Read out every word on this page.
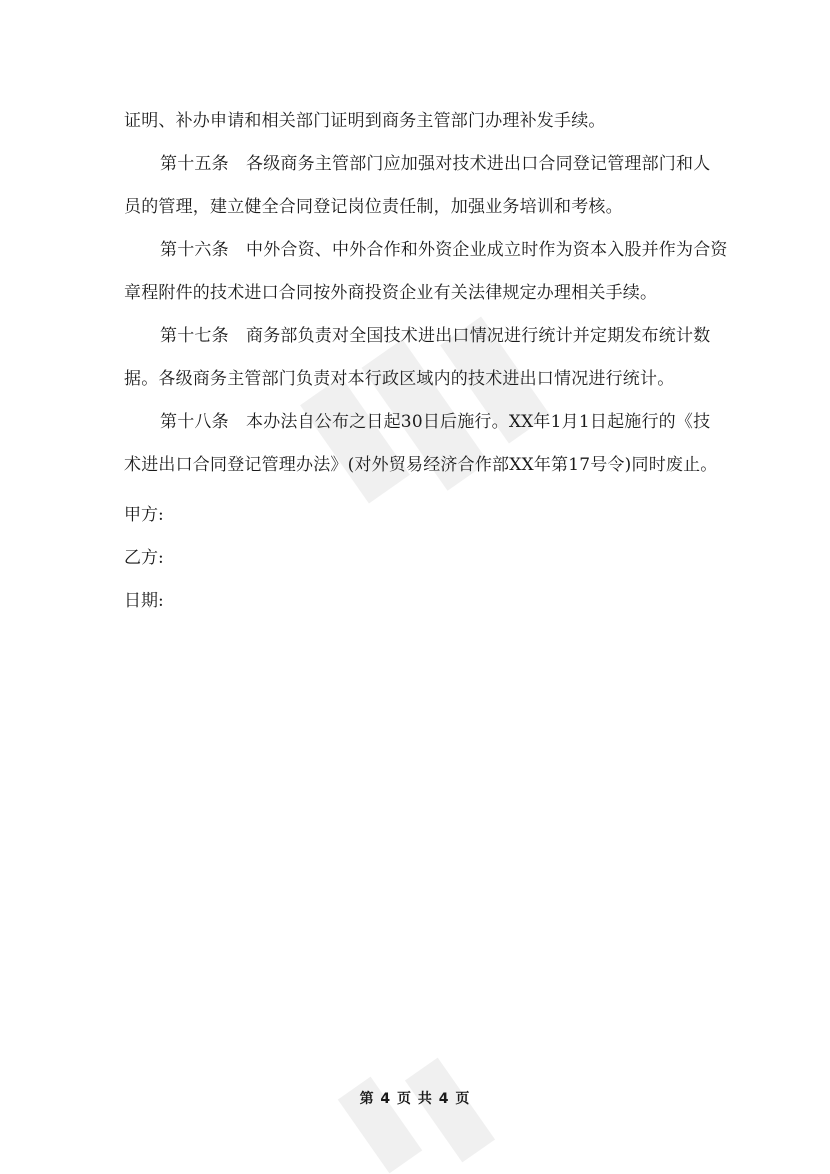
证明、补办申请和相关部门证明到商务主管部门办理补发手续。

第十五条　各级商务主管部门应加强对技术进出口合同登记管理部门和人
员的管理，建立健全合同登记岗位责任制，加强业务培训和考核。

第十六条　中外合资、中外合作和外资企业成立时作为资本入股并作为合资
章程附件的技术进口合同按外商投资企业有关法律规定办理相关手续。

第十七条　商务部负责对全国技术进出口情况进行统计并定期发布统计数
据。各级商务主管部门负责对本行政区域内的技术进出口情况进行统计。

第十八条　本办法自公布之日起30日后施行。XX年1月1日起施行的《技
术进出口合同登记管理办法》(对外贸易经济合作部XX年第17号令)同时废止。

甲方:
乙方:
日期:
第 4 页 共 4 页
